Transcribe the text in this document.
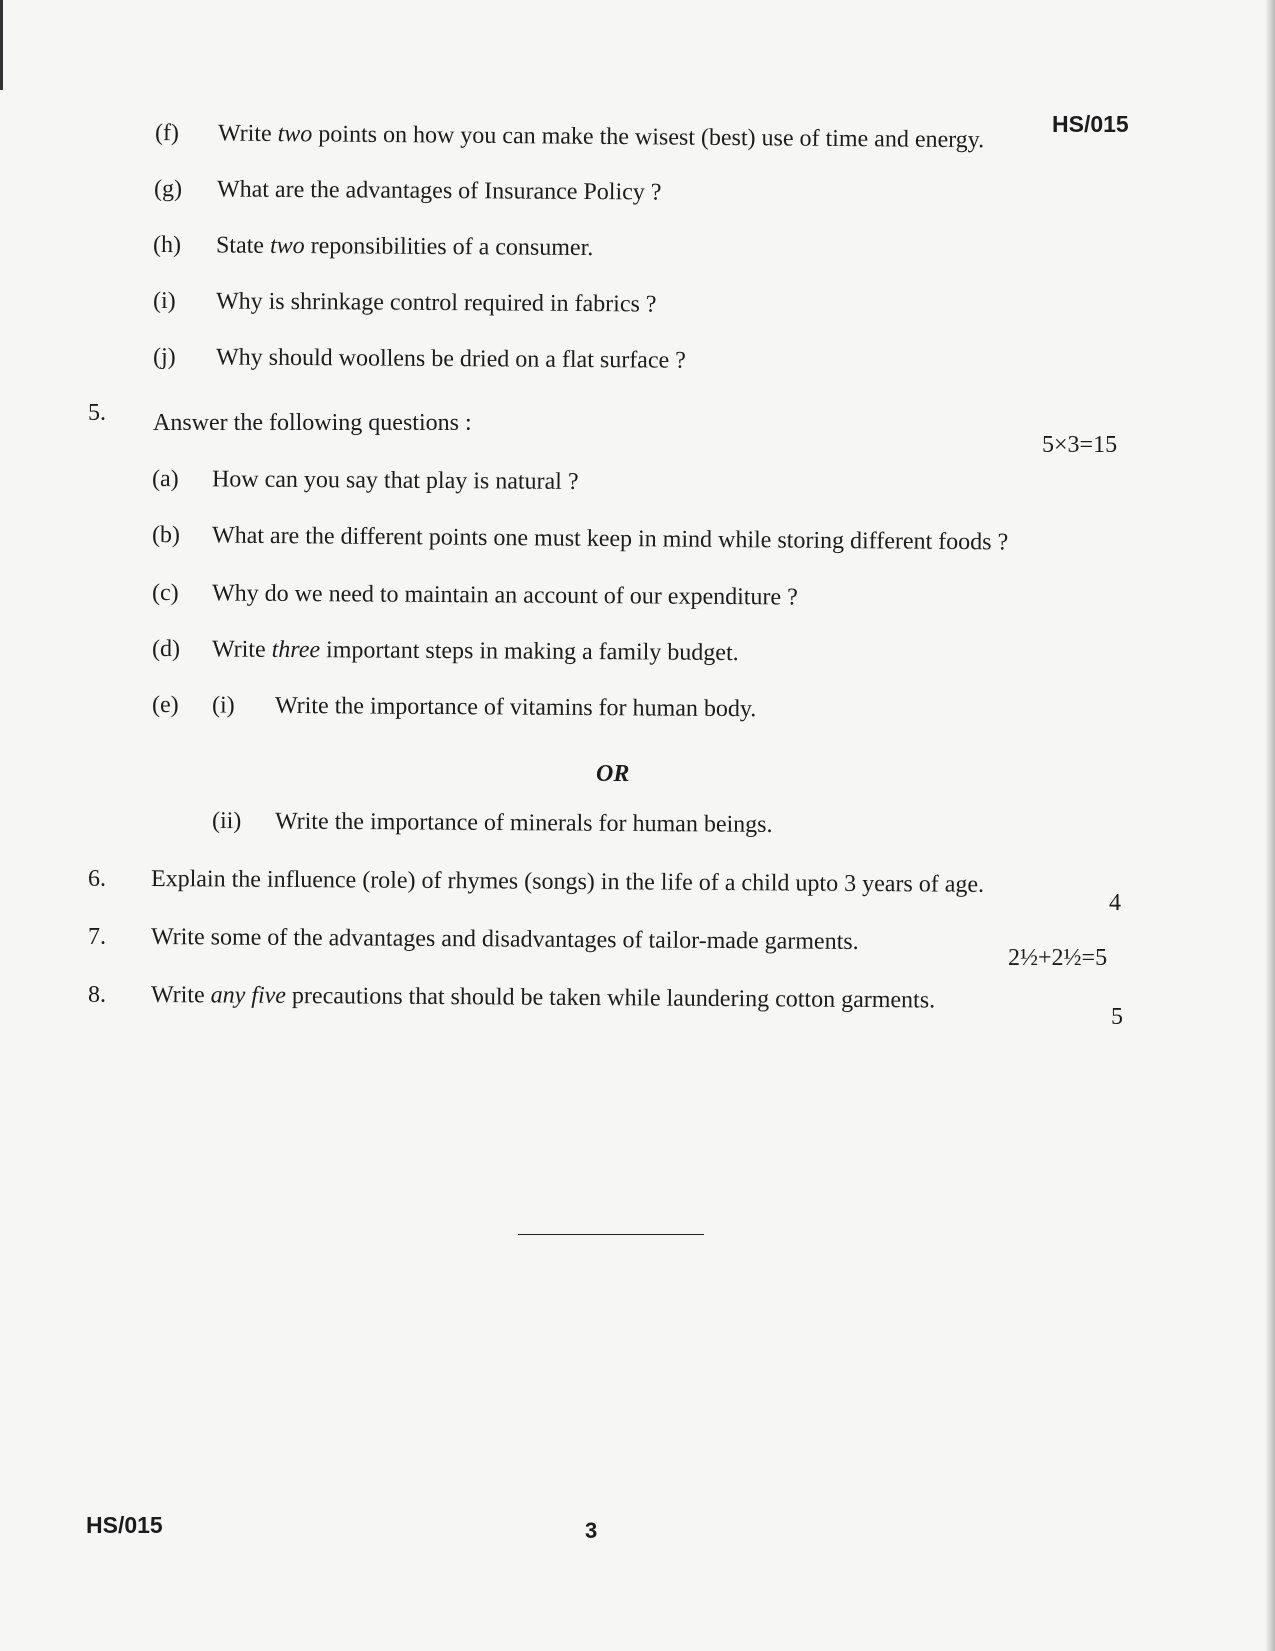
HS/015
(f) Write two points on how you can make the wisest (best) use of time and energy.
(g) What are the advantages of Insurance Policy ?
(h) State two reponsibilities of a consumer.
(i) Why is shrinkage control required in fabrics ?
(j) Why should woollens be dried on a flat surface ?
5. Answer the following questions :
5×3=15
(a) How can you say that play is natural ?
(b) What are the different points one must keep in mind while storing different foods ?
(c) Why do we need to maintain an account of our expenditure ?
(d) Write three important steps in making a family budget.
(e) (i) Write the importance of vitamins for human body.
OR
(ii) Write the importance of minerals for human beings.
6. Explain the influence (role) of rhymes (songs) in the life of a child upto 3 years of age.
4
7. Write some of the advantages and disadvantages of tailor-made garments.
2½+2½=5
8. Write any five precautions that should be taken while laundering cotton garments.
5
HS/015	3
